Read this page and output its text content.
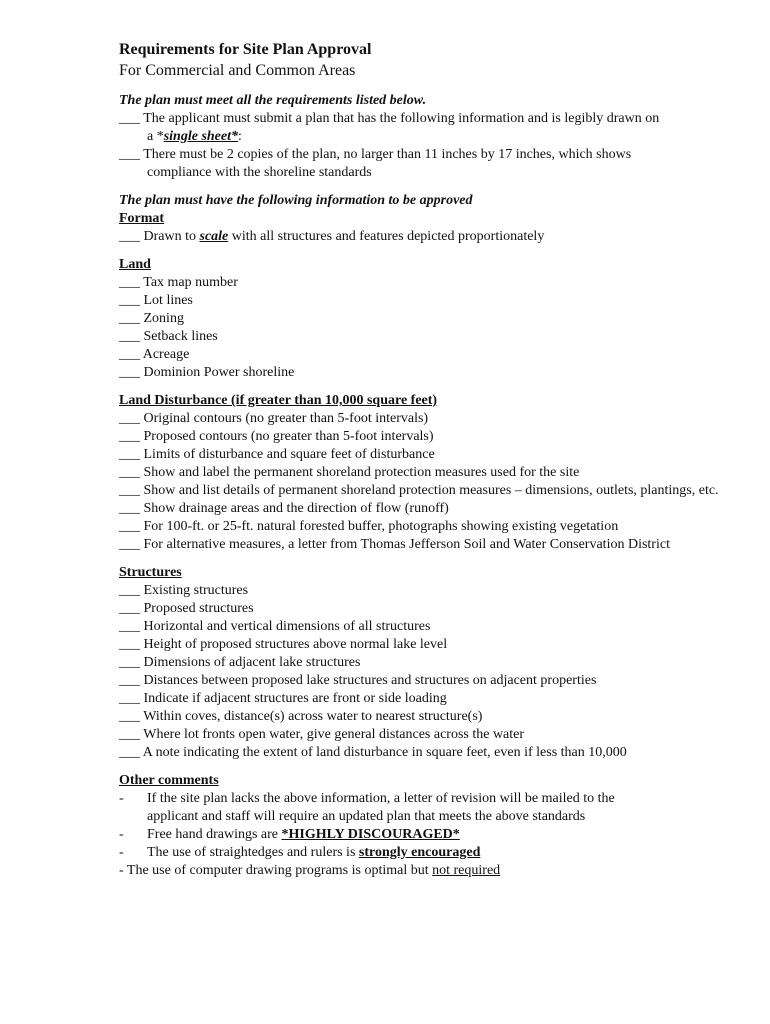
Requirements for Site Plan Approval
For Commercial and Common Areas
The plan must meet all the requirements listed below.
___ The applicant must submit a plan that has the following information and is legibly drawn on
a *single sheet*:
___ There must be 2 copies of the plan, no larger than 11 inches by 17 inches, which shows
compliance with the shoreline standards
The plan must have the following information to be approved
Format
___ Drawn to scale with all structures and features depicted proportionately
Land
___ Tax map number
___ Lot lines
___ Zoning
___ Setback lines
___ Acreage
___ Dominion Power shoreline
Land Disturbance (if greater than 10,000 square feet)
___ Original contours (no greater than 5-foot intervals)
___ Proposed contours (no greater than 5-foot intervals)
___ Limits of disturbance and square feet of disturbance
___ Show and label the permanent shoreland protection measures used for the site
___ Show and list details of permanent shoreland protection measures – dimensions, outlets, plantings, etc.
___ Show drainage areas and the direction of flow (runoff)
___ For 100-ft. or 25-ft. natural forested buffer, photographs showing existing vegetation
___ For alternative measures, a letter from Thomas Jefferson Soil and Water Conservation District
Structures
___ Existing structures
___ Proposed structures
___ Horizontal and vertical dimensions of all structures
___ Height of proposed structures above normal lake level
___ Dimensions of adjacent lake structures
___ Distances between proposed lake structures and structures on adjacent properties
___ Indicate if adjacent structures are front or side loading
___ Within coves, distance(s) across water to nearest structure(s)
___ Where lot fronts open water, give general distances across the water
___ A note indicating the extent of land disturbance in square feet, even if less than 10,000
Other comments
- If the site plan lacks the above information, a letter of revision will be mailed to the
applicant and staff will require an updated plan that meets the above standards
- Free hand drawings are *HIGHLY DISCOURAGED*
- The use of straightedges and rulers is strongly encouraged
- The use of computer drawing programs is optimal but not required
